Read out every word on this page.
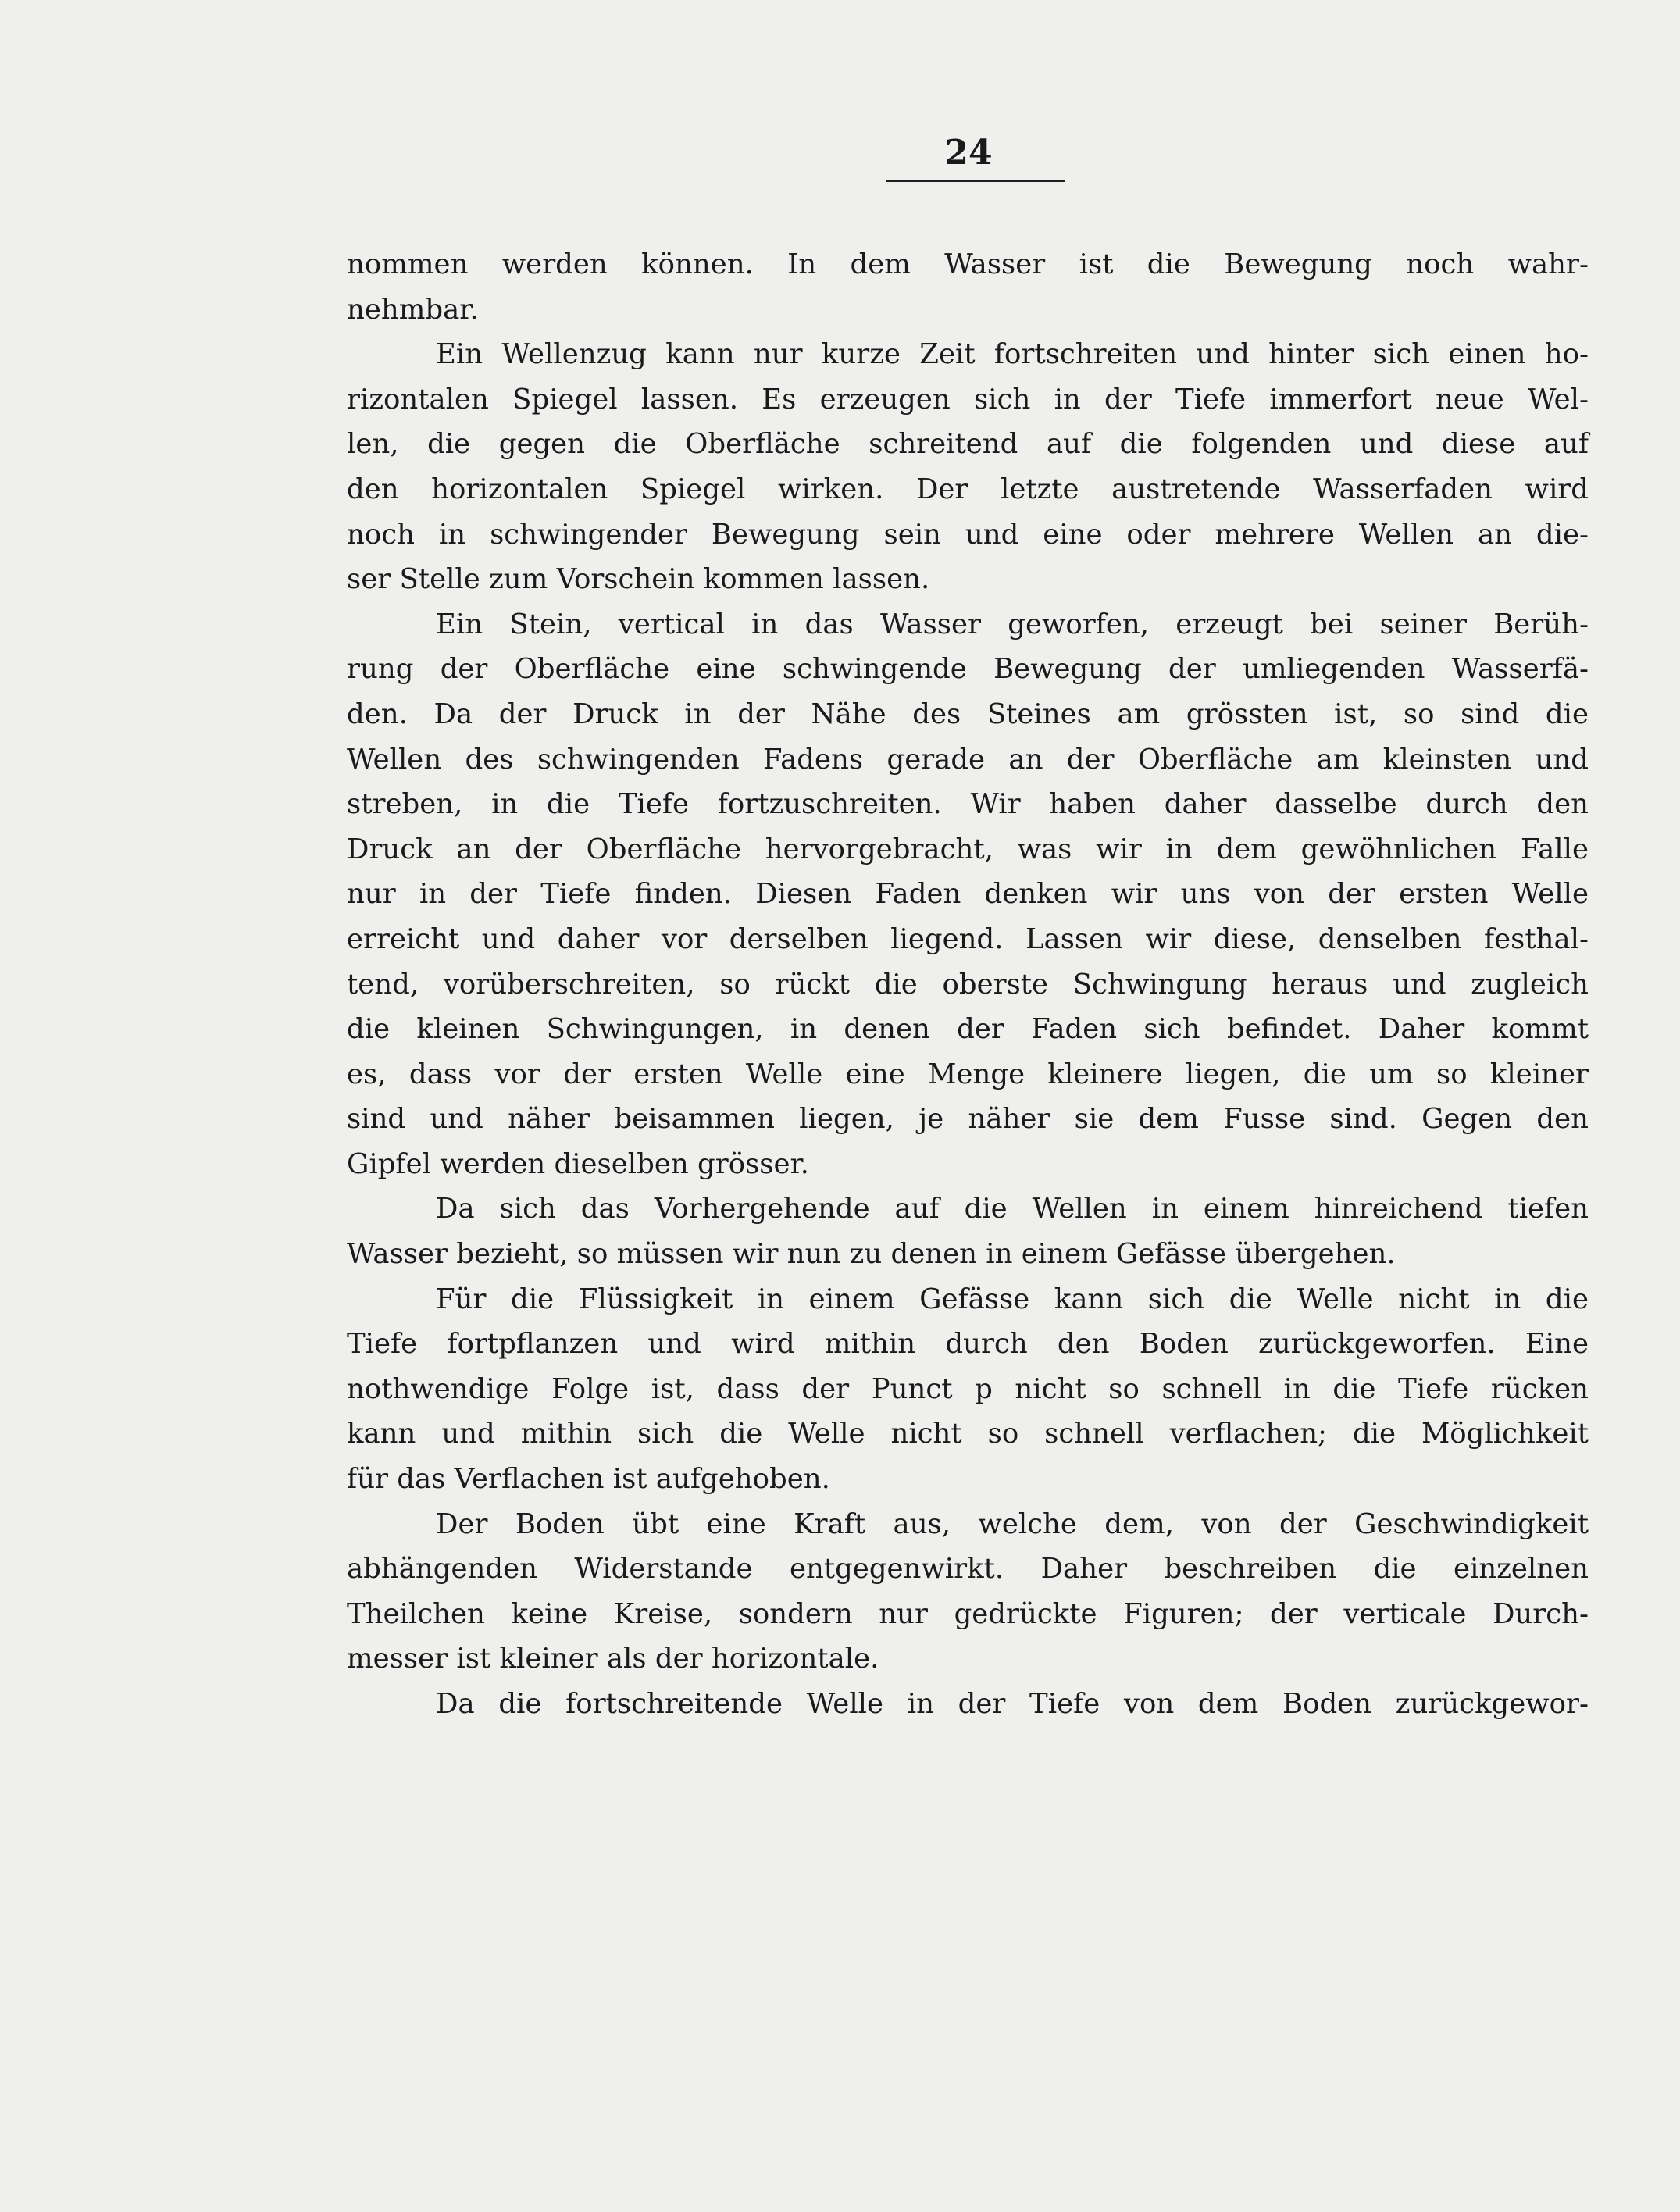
24
nommen werden können. In dem Wasser ist die Bewegung noch wahr-
nehmbar.
Ein Wellenzug kann nur kurze Zeit fortschreiten und hinter sich einen ho-
rizontalen Spiegel lassen. Es erzeugen sich in der Tiefe immerfort neue Wel-
len, die gegen die Oberfläche schreitend auf die folgenden und diese auf
den horizontalen Spiegel wirken. Der letzte austretende Wasserfaden wird
noch in schwingender Bewegung sein und eine oder mehrere Wellen an die-
ser Stelle zum Vorschein kommen lassen.
Ein Stein, vertical in das Wasser geworfen, erzeugt bei seiner Berüh-
rung der Oberfläche eine schwingende Bewegung der umliegenden Wasserfä-
den. Da der Druck in der Nähe des Steines am grössten ist, so sind die
Wellen des schwingenden Fadens gerade an der Oberfläche am kleinsten und
streben, in die Tiefe fortzuschreiten. Wir haben daher dasselbe durch den
Druck an der Oberfläche hervorgebracht, was wir in dem gewöhnlichen Falle
nur in der Tiefe finden. Diesen Faden denken wir uns von der ersten Welle
erreicht und daher vor derselben liegend. Lassen wir diese, denselben festhal-
tend, vorüberschreiten, so rückt die oberste Schwingung heraus und zugleich
die kleinen Schwingungen, in denen der Faden sich befindet. Daher kommt
es, dass vor der ersten Welle eine Menge kleinere liegen, die um so kleiner
sind und näher beisammen liegen, je näher sie dem Fusse sind. Gegen den
Gipfel werden dieselben grösser.
Da sich das Vorhergehende auf die Wellen in einem hinreichend tiefen
Wasser bezieht, so müssen wir nun zu denen in einem Gefässe übergehen.
Für die Flüssigkeit in einem Gefässe kann sich die Welle nicht in die
Tiefe fortpflanzen und wird mithin durch den Boden zurückgeworfen. Eine
nothwendige Folge ist, dass der Punct p nicht so schnell in die Tiefe rücken
kann und mithin sich die Welle nicht so schnell verflachen; die Möglichkeit
für das Verflachen ist aufgehoben.
Der Boden übt eine Kraft aus, welche dem, von der Geschwindigkeit
abhängenden Widerstande entgegenwirkt. Daher beschreiben die einzelnen
Theilchen keine Kreise, sondern nur gedrückte Figuren; der verticale Durch-
messer ist kleiner als der horizontale.
Da die fortschreitende Welle in der Tiefe von dem Boden zurückgewor-
